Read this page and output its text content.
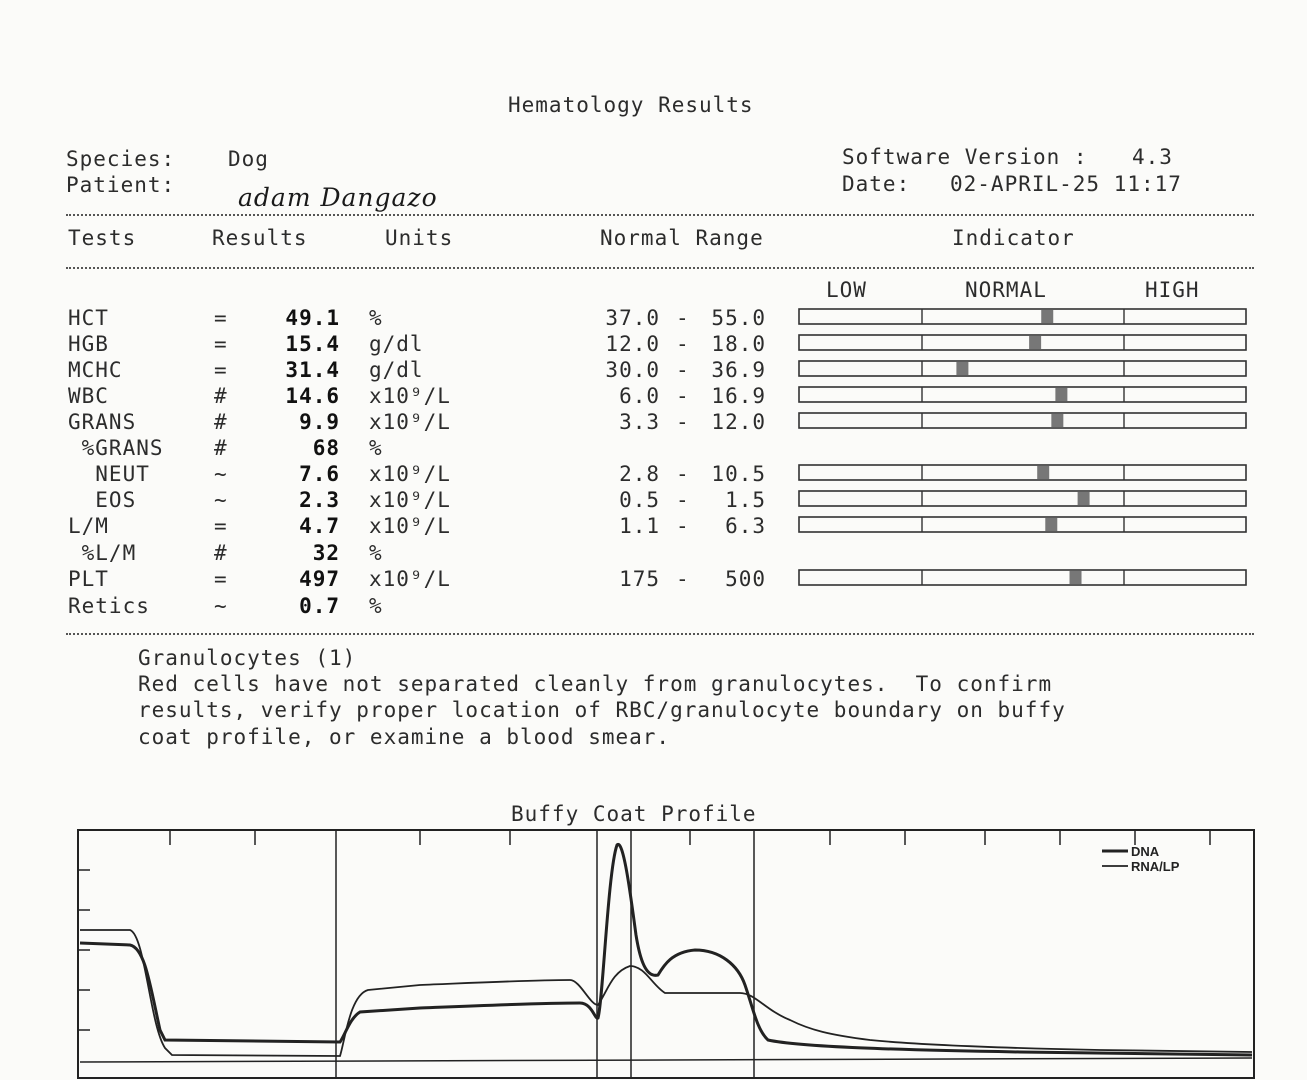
Hematology Results
Species:	Dog
Patient:	adam Dangazo
Software Version : 4.3
Date: 02-APRIL-25 11:17
Tests	Results	Units	Normal Range	Indicator
LOW	NORMAL	HIGH
HCT	=	49.1 %	37.0 - 55.0
HGB	=	15.4 g/dl	12.0 - 18.0
MCHC	=	31.4 g/dl	30.0 - 36.9
WBC	#	14.6 x10⁹/L	6.0 - 16.9
GRANS	#	9.9 x10⁹/L	3.3 - 12.0
%GRANS #	68 %
NEUT	~	7.6 x10⁹/L	2.8 - 10.5
EOS	~	2.3 x10⁹/L	0.5 - 1.5
L/M	=	4.7 x10⁹/L	1.1 - 6.3
%L/M	#	32 %
PLT	=	497 x10⁹/L	175 - 500
Retics	~	0.7 %
Granulocytes (1)
Red cells have not separated cleanly from granulocytes.  To confirm
results, verify proper location of RBC/granulocyte boundary on buffy
coat profile, or examine a blood smear.
Buffy Coat Profile
DNA
RNA/LP
